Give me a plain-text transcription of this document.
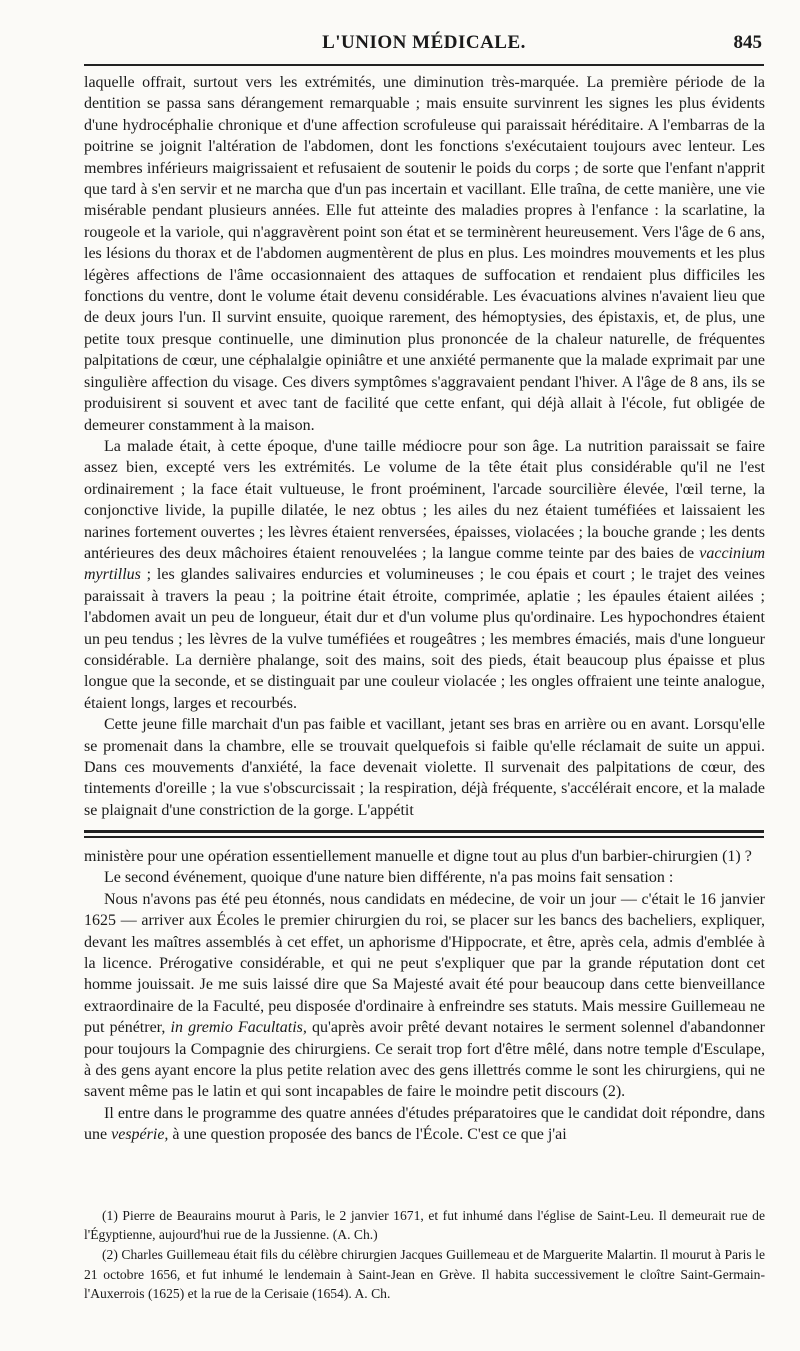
L'UNION MÉDICALE.	845

laquelle offrait, surtout vers les extrémités, une diminution très-marquée. La première période de la dentition se passa sans dérangement remarquable ; mais ensuite survinrent les signes les plus évidents d'une hydrocéphalie chronique et d'une affection scrofuleuse qui paraissait héréditaire. A l'embarras de la poitrine se joignit l'altération de l'abdomen, dont les fonctions s'exécutaient toujours avec lenteur. Les membres inférieurs maigrissaient et refusaient de soutenir le poids du corps ; de sorte que l'enfant n'apprit que tard à s'en servir et ne marcha que d'un pas incertain et vacillant. Elle traîna, de cette manière, une vie misérable pendant plusieurs années. Elle fut atteinte des maladies propres à l'enfance : la scarlatine, la rougeole et la variole, qui n'aggravèrent point son état et se terminèrent heureusement. Vers l'âge de 6 ans, les lésions du thorax et de l'abdomen augmentèrent de plus en plus. Les moindres mouvements et les plus légères affections de l'âme occasionnaient des attaques de suffocation et rendaient plus difficiles les fonctions du ventre, dont le volume était devenu considérable. Les évacuations alvines n'avaient lieu que de deux jours l'un. Il survint ensuite, quoique rarement, des hémoptysies, des épistaxis, et, de plus, une petite toux presque continuelle, une diminution plus prononcée de la chaleur naturelle, de fréquentes palpitations de cœur, une céphalalgie opiniâtre et une anxiété permanente que la malade exprimait par une singulière affection du visage. Ces divers symptômes s'aggravaient pendant l'hiver. A l'âge de 8 ans, ils se produisirent si souvent et avec tant de facilité que cette enfant, qui déjà allait à l'école, fut obligée de demeurer constamment à la maison.

La malade était, à cette époque, d'une taille médiocre pour son âge. La nutrition paraissait se faire assez bien, excepté vers les extrémités. Le volume de la tête était plus considérable qu'il ne l'est ordinairement ; la face était vultueuse, le front proéminent, l'arcade sourcilière élevée, l'œil terne, la conjonctive livide, la pupille dilatée, le nez obtus ; les ailes du nez étaient tuméfiées et laissaient les narines fortement ouvertes ; les lèvres étaient renversées, épaisses, violacées ; la bouche grande ; les dents antérieures des deux mâchoires étaient renouvelées ; la langue comme teinte par des baies de vaccinium myrtillus ; les glandes salivaires endurcies et volumineuses ; le cou épais et court ; le trajet des veines paraissait à travers la peau ; la poitrine était étroite, comprimée, aplatie ; les épaules étaient ailées ; l'abdomen avait un peu de longueur, était dur et d'un volume plus qu'ordinaire. Les hypochondres étaient un peu tendus ; les lèvres de la vulve tuméfiées et rougeâtres ; les membres émaciés, mais d'une longueur considérable. La dernière phalange, soit des mains, soit des pieds, était beaucoup plus épaisse et plus longue que la seconde, et se distinguait par une couleur violacée ; les ongles offraient une teinte analogue, étaient longs, larges et recourbés.

Cette jeune fille marchait d'un pas faible et vacillant, jetant ses bras en arrière ou en avant. Lorsqu'elle se promenait dans la chambre, elle se trouvait quelquefois si faible qu'elle réclamait de suite un appui. Dans ces mouvements d'anxiété, la face devenait violette. Il survenait des palpitations de cœur, des tintements d'oreille ; la vue s'obscurcissait ; la respiration, déjà fréquente, s'accélérait encore, et la malade se plaignait d'une constriction de la gorge. L'appétit

ministère pour une opération essentiellement manuelle et digne tout au plus d'un barbier-chirurgien (1) ?

Le second événement, quoique d'une nature bien différente, n'a pas moins fait sensation :

Nous n'avons pas été peu étonnés, nous candidats en médecine, de voir un jour — c'était le 16 janvier 1625 — arriver aux Écoles le premier chirurgien du roi, se placer sur les bancs des bacheliers, expliquer, devant les maîtres assemblés à cet effet, un aphorisme d'Hippocrate, et être, après cela, admis d'emblée à la licence. Prérogative considérable, et qui ne peut s'expliquer que par la grande réputation dont cet homme jouissait. Je me suis laissé dire que Sa Majesté avait été pour beaucoup dans cette bienveillance extraordinaire de la Faculté, peu disposée d'ordinaire à enfreindre ses statuts. Mais messire Guillemeau ne put pénétrer, in gremio Facultatis, qu'après avoir prêté devant notaires le serment solennel d'abandonner pour toujours la Compagnie des chirurgiens. Ce serait trop fort d'être mêlé, dans notre temple d'Esculape, à des gens ayant encore la plus petite relation avec des gens illettrés comme le sont les chirurgiens, qui ne savent même pas le latin et qui sont incapables de faire le moindre petit discours (2).

Il entre dans le programme des quatre années d'études préparatoires que le candidat doit répondre, dans une vespérie, à une question proposée des bancs de l'École. C'est ce que j'ai

(1) Pierre de Beaurains mourut à Paris, le 2 janvier 1671, et fut inhumé dans l'église de Saint-Leu. Il demeurait rue de l'Égyptienne, aujourd'hui rue de la Jussienne. (A. Ch.)

(2) Charles Guillemeau était fils du célèbre chirurgien Jacques Guillemeau et de Marguerite Malartin. Il mourut à Paris le 21 octobre 1656, et fut inhumé le lendemain à Saint-Jean en Grève. Il habita successivement le cloître Saint-Germain-l'Auxerrois (1625) et la rue de la Cerisaie (1654). A. Ch.
